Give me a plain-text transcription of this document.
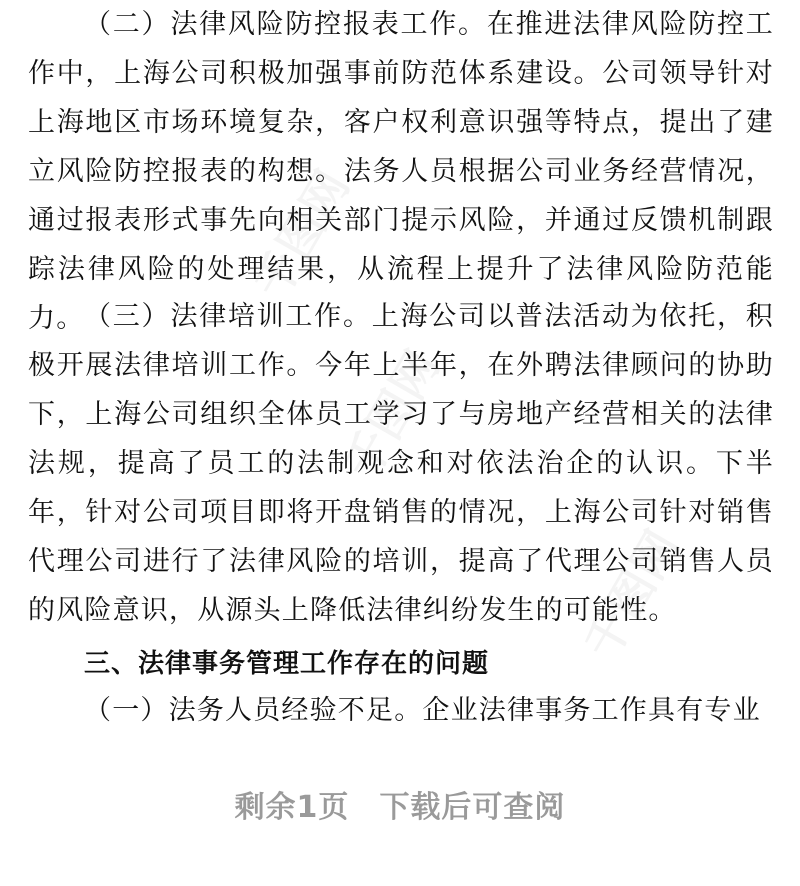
千图网
千图网
千图网

（二）法律风险防控报表工作。在推进法律风险防控工作中，上海公司积极加强事前防范体系建设。公司领导针对上海地区市场环境复杂，客户权利意识强等特点，提出了建立风险防控报表的构想。法务人员根据公司业务经营情况，通过报表形式事先向相关部门提示风险，并通过反馈机制跟踪法律风险的处理结果，从流程上提升了法律风险防范能力。 （三）法律培训工作。上海公司以普法活动为依托，积极开展法律培训工作。今年上半年，在外聘法律顾问的协助下，上海公司组织全体员工学习了与房地产经营相关的法律法规，提高了员工的法制观念和对依法治企的认识。下半年，针对公司项目即将开盘销售的情况，上海公司针对销售代理公司进行了法律风险的培训，提高了代理公司销售人员的风险意识，从源头上降低法律纠纷发生的可能性。

三、法律事务管理工作存在的问题

（一）法务人员经验不足。企业法律事务工作具有专业

剩余1页 下载后可查阅
